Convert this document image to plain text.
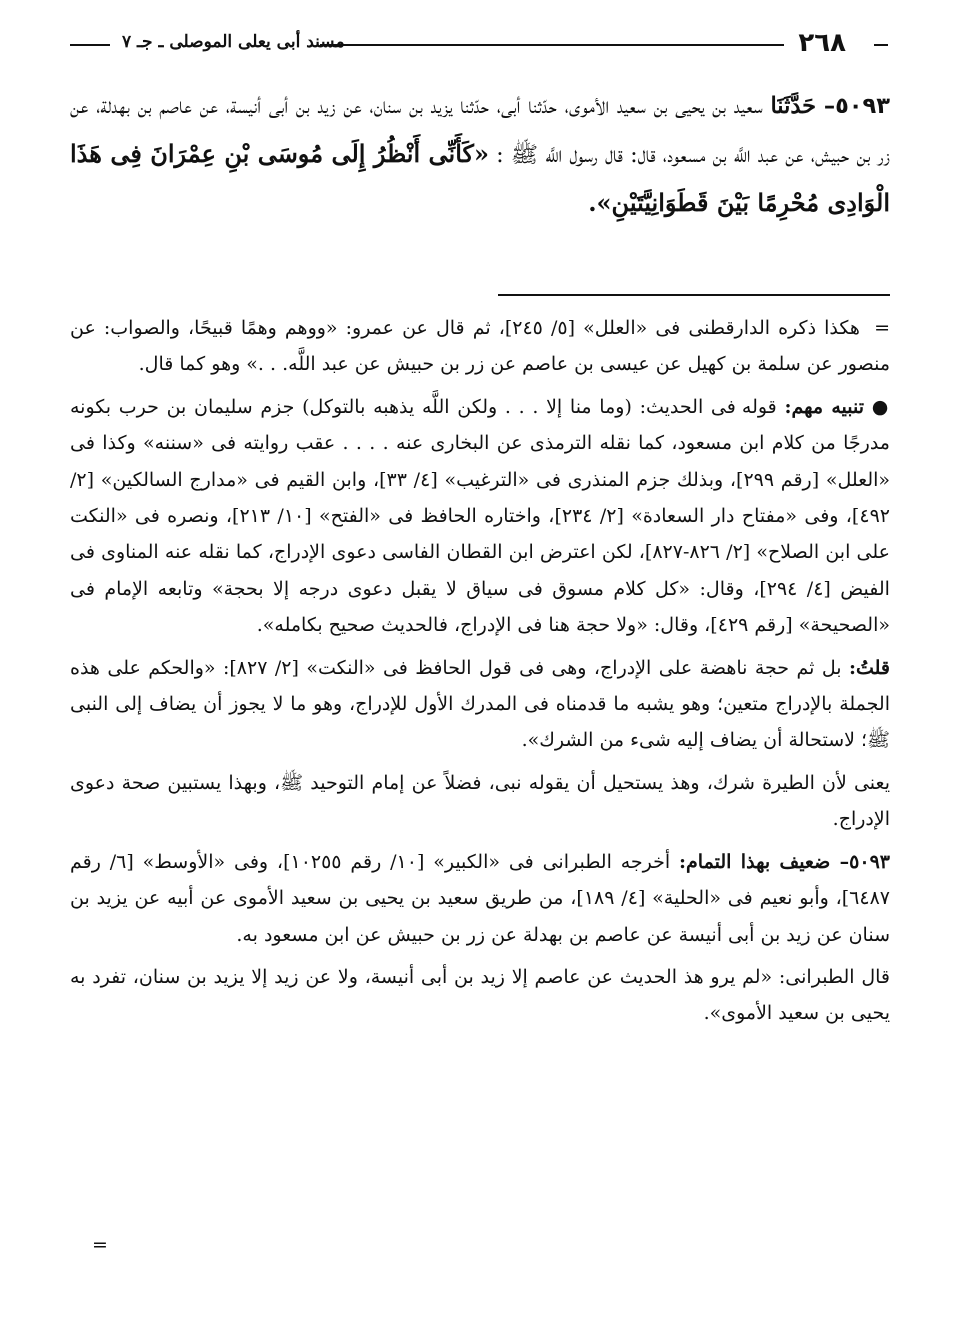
٢٦٨
مسند أبى يعلى الموصلى ـ جـ ٧

٥٠٩٣– حَدَّثَنَا سعيد بن يحيى بن سعيد الأموى، حدّثنا أبى، حدّثنا يزيد بن سنان، عن زيد بن أبى أنيسة، عن عاصم بن بهدلة، عن زر بن حبيش، عن عبد اللَّه بن مسعود، قال: قال رسول اللَّه ﷺ : «كَأَنِّى أَنْظُرُ إِلَى مُوسَى بْنِ عِمْرَانَ فِى هَذَا الْوَادِى مُحْرِمًا بَيْنَ قَطَوَانِيَّتَيْنِ».

= هكذا ذكره الدارقطنى فى «العلل» [٥/ ٢٤٥]، ثم قال عن عمرو: «ووهم وهمًا قبيحًا، والصواب: عن منصور عن سلمة بن كهيل عن عيسى بن عاصم عن زر بن حبيش عن عبد اللَّه. . .» وهو كما قال.

● تنبيه مهم: قوله فى الحديث: (وما منا إلا . . . ولكن اللَّه يذهبه بالتوكل) جزم سليمان بن حرب بكونه مدرجًا من كلام ابن مسعود، كما نقله الترمذى عن البخارى عنه . . . . عقب روايته فى «سننه» وكذا فى «العلل» [رقم ٢٩٩]، وبذلك جزم المنذرى فى «الترغيب» [٤/ ٣٣]، وابن القيم فى «مدارج السالكين» [٢/ ٤٩٢]، وفى «مفتاح دار السعادة» [٢/ ٢٣٤]، واختاره الحافظ فى «الفتح» [١٠/ ٢١٣]، ونصره فى «النكت على ابن الصلاح» [٢/ ٨٢٦-٨٢٧]، لكن اعترض ابن القطان الفاسى دعوى الإدراج، كما نقله عنه المناوى فى الفيض [٤/ ٢٩٤]، وقال: «كل كلام مسوق فى سياق لا يقبل دعوى درجه إلا بحجة» وتابعه الإمام فى «الصحيحة» [رقم ٤٢٩]، وقال: «ولا حجة هنا فى الإدراج، فالحديث صحيح بكامله».

قلتُ: بل ثم حجة ناهضة على الإدراج، وهى فى قول الحافظ فى «النكت» [٢/ ٨٢٧]: «والحكم على هذه الجملة بالإدراج متعين؛ وهو يشبه ما قدمناه فى المدرك الأول للإدراج، وهو ما لا يجوز أن يضاف إلى النبى ﷺ؛ لاستحالة أن يضاف إليه شىء من الشرك».

يعنى لأن الطيرة شرك، وهذ يستحيل أن يقوله نبى، فضلاً عن إمام التوحيد ﷺ، وبهذا يستبين صحة دعوى الإدراج.

٥٠٩٣– ضعيف بهذا التمام: أخرجه الطبرانى فى «الكبير» [١٠/ رقم ١٠٢٥٥]، وفى «الأوسط» [٦/ رقم ٦٤٨٧]، وأبو نعيم فى «الحلية» [٤/ ١٨٩]، من طريق سعيد بن يحيى بن سعيد الأموى عن أبيه عن يزيد بن سنان عن زيد بن أبى أنيسة عن عاصم بن بهدلة عن زر بن حبيش عن ابن مسعود به.

قال الطبرانى: «لم يرو هذ الحديث عن عاصم إلا زيد بن أبى أنيسة، ولا عن زيد إلا يزيد بن سنان، تفرد به يحيى بن سعيد الأموى».

=
